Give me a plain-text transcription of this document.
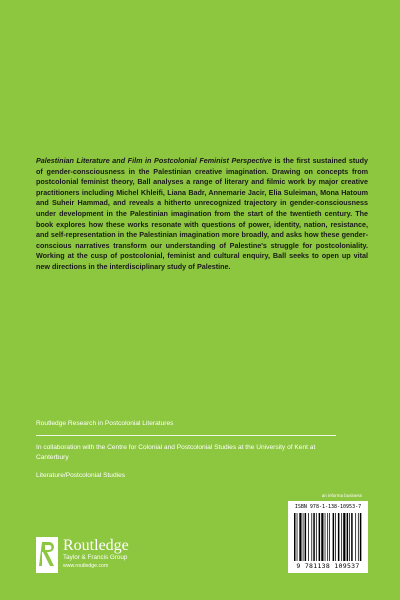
Palestinian Literature and Film in Postcolonial Feminist Perspective is the first sustained study of gender-consciousness in the Palestinian creative imagination. Drawing on concepts from postcolonial feminist theory, Ball analyses a range of literary and filmic work by major creative practitioners including Michel Khleifi, Liana Badr, Annemarie Jacir, Elia Suleiman, Mona Hatoum and Suheir Hammad, and reveals a hitherto unrecognized trajectory in gender-consciousness under development in the Palestinian imagination from the start of the twentieth century. The book explores how these works resonate with questions of power, identity, nation, resistance, and self-representation in the Palestinian imagination more broadly, and asks how these gender-conscious narratives transform our understanding of Palestine's struggle for postcoloniality. Working at the cusp of postcolonial, feminist and cultural enquiry, Ball seeks to open up vital new directions in the interdisciplinary study of Palestine.

Routledge Research in Postcolonial Literatures

In collaboration with the Centre for Colonial and Postcolonial Studies at the University of Kent at Canterbury

Literature/Postcolonial Studies

an informa business
ISBN 978-1-138-10953-7
9 781138 109537
Routledge
Taylor & Francis Group
www.routledge.com
